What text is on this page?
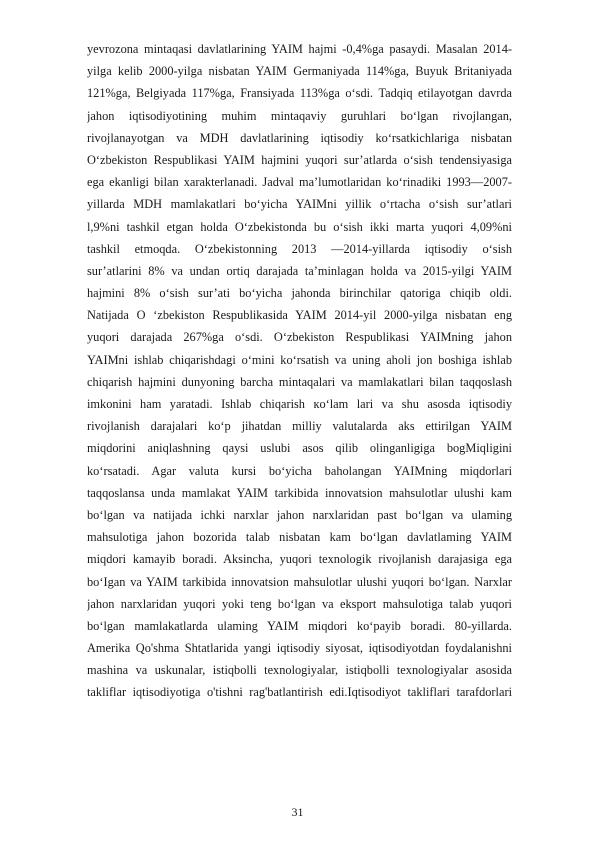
yevrozona mintaqasi davlatlarining YAIM hajmi -0,4%ga pasaydi. Masalan 2014-
yilga kelib 2000-yilga nisbatan YAIM Germaniyada 114%ga, Buyuk Britaniyada
121%ga, Belgiyada 117%ga, Fransiyada 113%ga o‘sdi. Tadqiq etilayotgan davrda
jahon iqtisodiyotining muhim mintaqaviy guruhlari bo‘lgan rivojlangan,
rivojlanayotgan va MDH davlatlarining iqtisodiy ko‘rsatkichlariga nisbatan
O‘zbekiston Respublikasi YAIM hajmini yuqori sur’atlarda o‘sish tendensiyasiga
ega ekanligi bilan xarakterlanadi. Jadval ma’lumotlaridan ko‘rinadiki 1993—2007-
yillarda MDH mamlakatlari bo‘yicha YAIMni yillik o‘rtacha o‘sish sur’atlari
l,9%ni tashkil etgan holda O‘zbekistonda bu o‘sish ikki marta yuqori 4,09%ni
tashkil etmoqda. O‘zbekistonning 2013 —2014-yillarda iqtisodiy o‘sish
sur’atlarini 8% va undan ortiq darajada ta’minlagan holda va 2015-yilgi YAIM
hajmini 8% o‘sish sur’ati bo‘yicha jahonda birinchilar qatoriga chiqib oldi.
Natijada O ‘zbekiston Respublikasida YAIM 2014-yil 2000-yilga nisbatan eng
yuqori darajada 267%ga o‘sdi. O‘zbekiston Respublikasi YAIMning jahon
YAIMni ishlab chiqarishdagi o‘mini ko‘rsatish va uning aholi jon boshiga ishlab
chiqarish hajmini dunyoning barcha mintaqalari va mamlakatlari bilan taqqoslash
imkonini ham yaratadi. Ishlab chiqarish кo‘lam lari va shu asosda iqtisodiy
rivojlanish darajalari ko‘p jihatdan milliy valutalarda aks ettirilgan YAIM
miqdorini aniqlashning qaysi uslubi asos qilib olinganligiga bogMiqligini
ko‘rsatadi. Agar valuta kursi bo‘yicha baholangan YAIMning miqdorlari
taqqoslansa unda mamlakat YAIM tarkibida innovatsion mahsulotlar ulushi kam
bo‘lgan va natijada ichki narxlar jahon narxlaridan past bo‘lgan va ulaming
mahsulotiga jahon bozorida talab nisbatan kam bo‘lgan davlatlaming YAIM
miqdori kamayib boradi. Aksincha, yuqori texnologik rivojlanish darajasiga ega
bo‘Igan va YAIM tarkibida innovatsion mahsulotlar ulushi yuqori bo‘lgan. Narxlar
jahon narxlaridan yuqori yoki teng bo‘lgan va eksport mahsulotiga talab yuqori
bo‘lgan mamlakatlarda ulaming YAIM miqdori ko‘payib boradi. 80-yillarda.
Amerika Qo'shma Shtatlarida yangi iqtisodiy siyosat, iqtisodiyotdan foydalanishni
mashina va uskunalar, istiqbolli texnologiyalar, istiqbolli texnologiyalar asosida
takliflar iqtisodiyotiga o'tishni rag'batlantirish edi.Iqtisodiyot takliflari tarafdorlari
31
